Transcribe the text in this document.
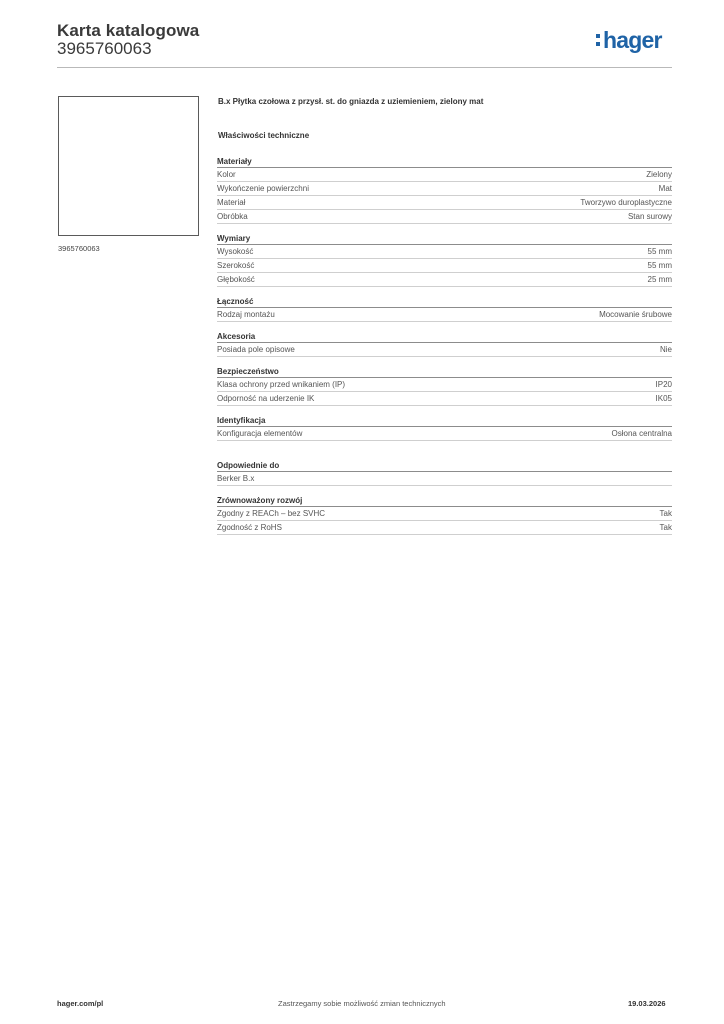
Karta katalogowa
3965760063	hager
3965760063
B.x Płytka czołowa z przysł. st. do gniazda z uziemieniem, zielony mat
Właściwości techniczne
Materiały
Kolor	Zielony
Wykończenie powierzchni	Mat
Materiał	Tworzywo duroplastyczne
Obróbka	Stan surowy
Wymiary
Wysokość	55 mm
Szerokość	55 mm
Głębokość	25 mm
Łączność
Rodzaj montażu	Mocowanie śrubowe
Akcesoria
Posiada pole opisowe	Nie
Bezpieczeństwo
Klasa ochrony przed wnikaniem (IP)	IP20
Odporność na uderzenie IK	IK05
Identyfikacja
Konfiguracja elementów	Osłona centralna
Odpowiednie do
Berker B.x
Zrównoważony rozwój
Zgodny z REACh – bez SVHC	Tak
Zgodność z RoHS	Tak
hager.com/pl	Zastrzegamy sobie możliwość zmian technicznych	19.03.2026
